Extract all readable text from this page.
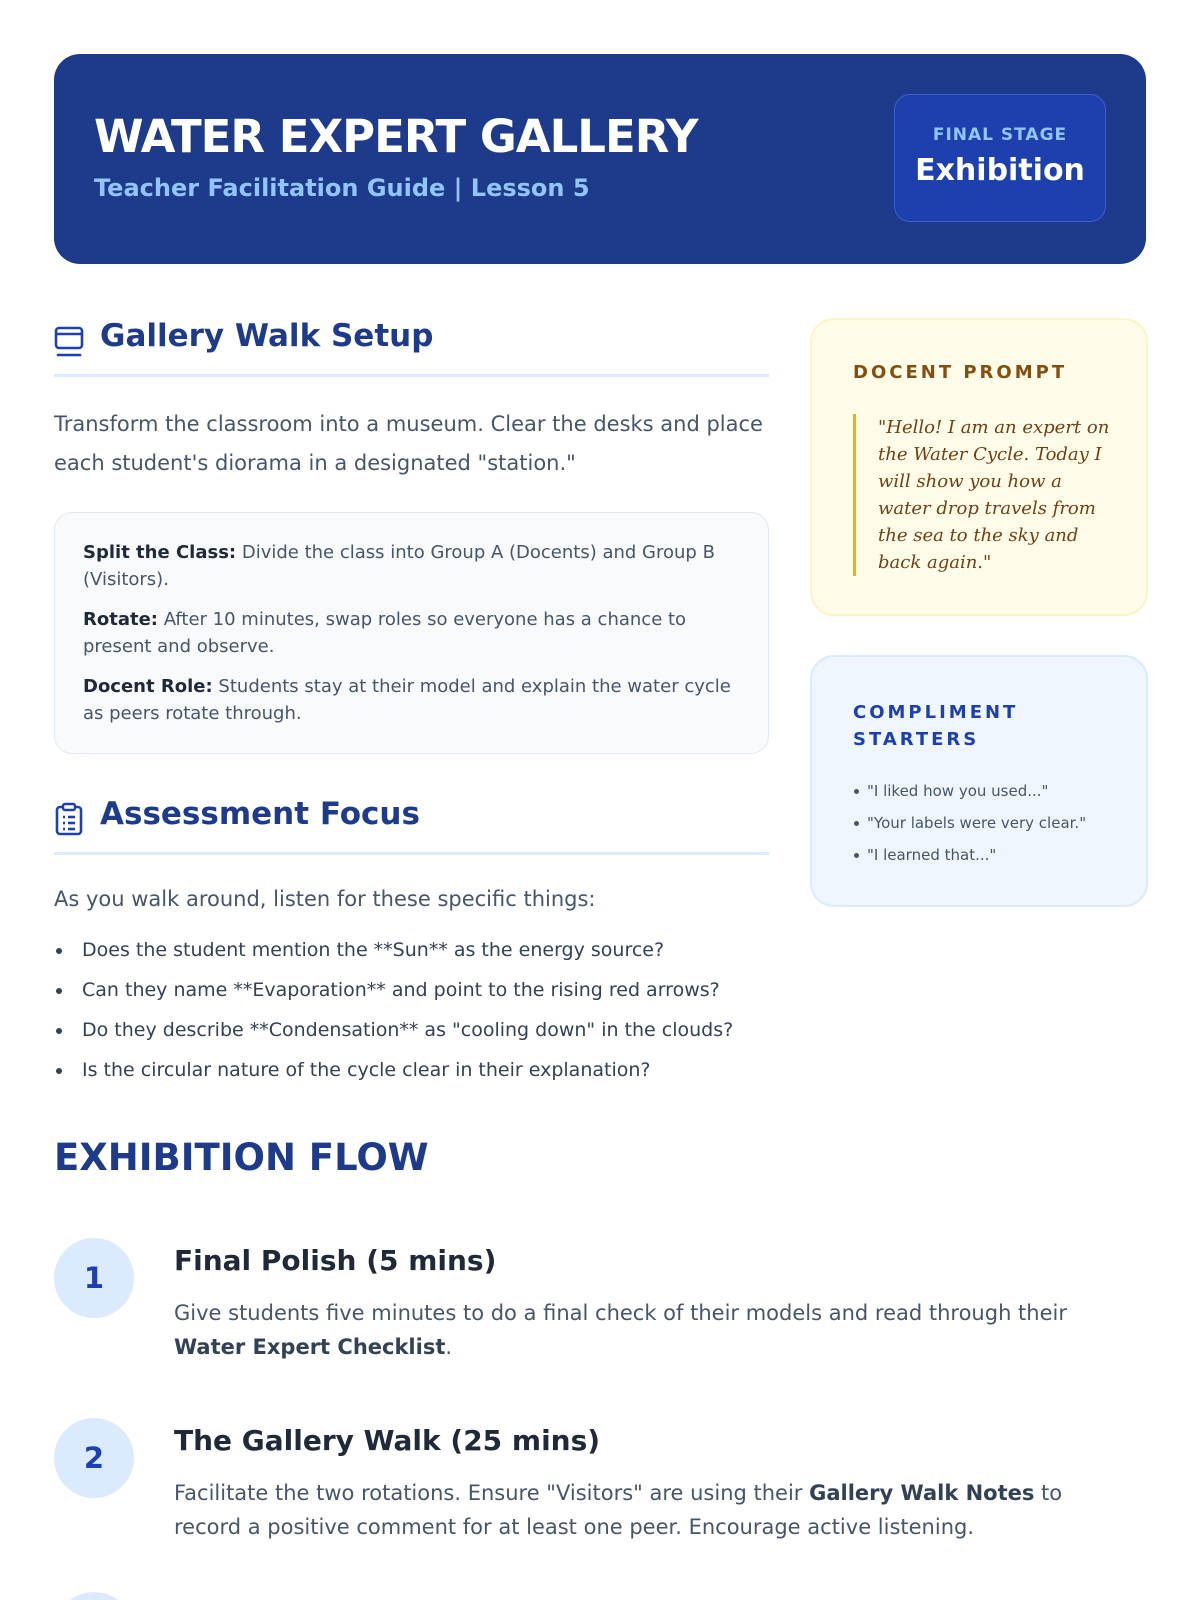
WATER EXPERT GALLERY
Teacher Facilitation Guide | Lesson 5
FINAL STAGE
Exhibition
Gallery Walk Setup
Transform the classroom into a museum. Clear the desks and place each student's diorama in a designated "station."
Split the Class: Divide the class into Group A (Docents) and Group B (Visitors).
Rotate: After 10 minutes, swap roles so everyone has a chance to present and observe.
Docent Role: Students stay at their model and explain the water cycle as peers rotate through.
Assessment Focus
As you walk around, listen for these specific things:
Does the student mention the **Sun** as the energy source?
Can they name **Evaporation** and point to the rising red arrows?
Do they describe **Condensation** as "cooling down" in the clouds?
Is the circular nature of the cycle clear in their explanation?
DOCENT PROMPT
"Hello! I am an expert on the Water Cycle. Today I will show you how a water drop travels from the sea to the sky and back again."
COMPLIMENT STARTERS
"I liked how you used..."
"Your labels were very clear."
"I learned that..."
EXHIBITION FLOW
1
Final Polish (5 mins)
Give students five minutes to do a final check of their models and read through their Water Expert Checklist.
2
The Gallery Walk (25 mins)
Facilitate the two rotations. Ensure "Visitors" are using their Gallery Walk Notes to record a positive comment for at least one peer. Encourage active listening.
